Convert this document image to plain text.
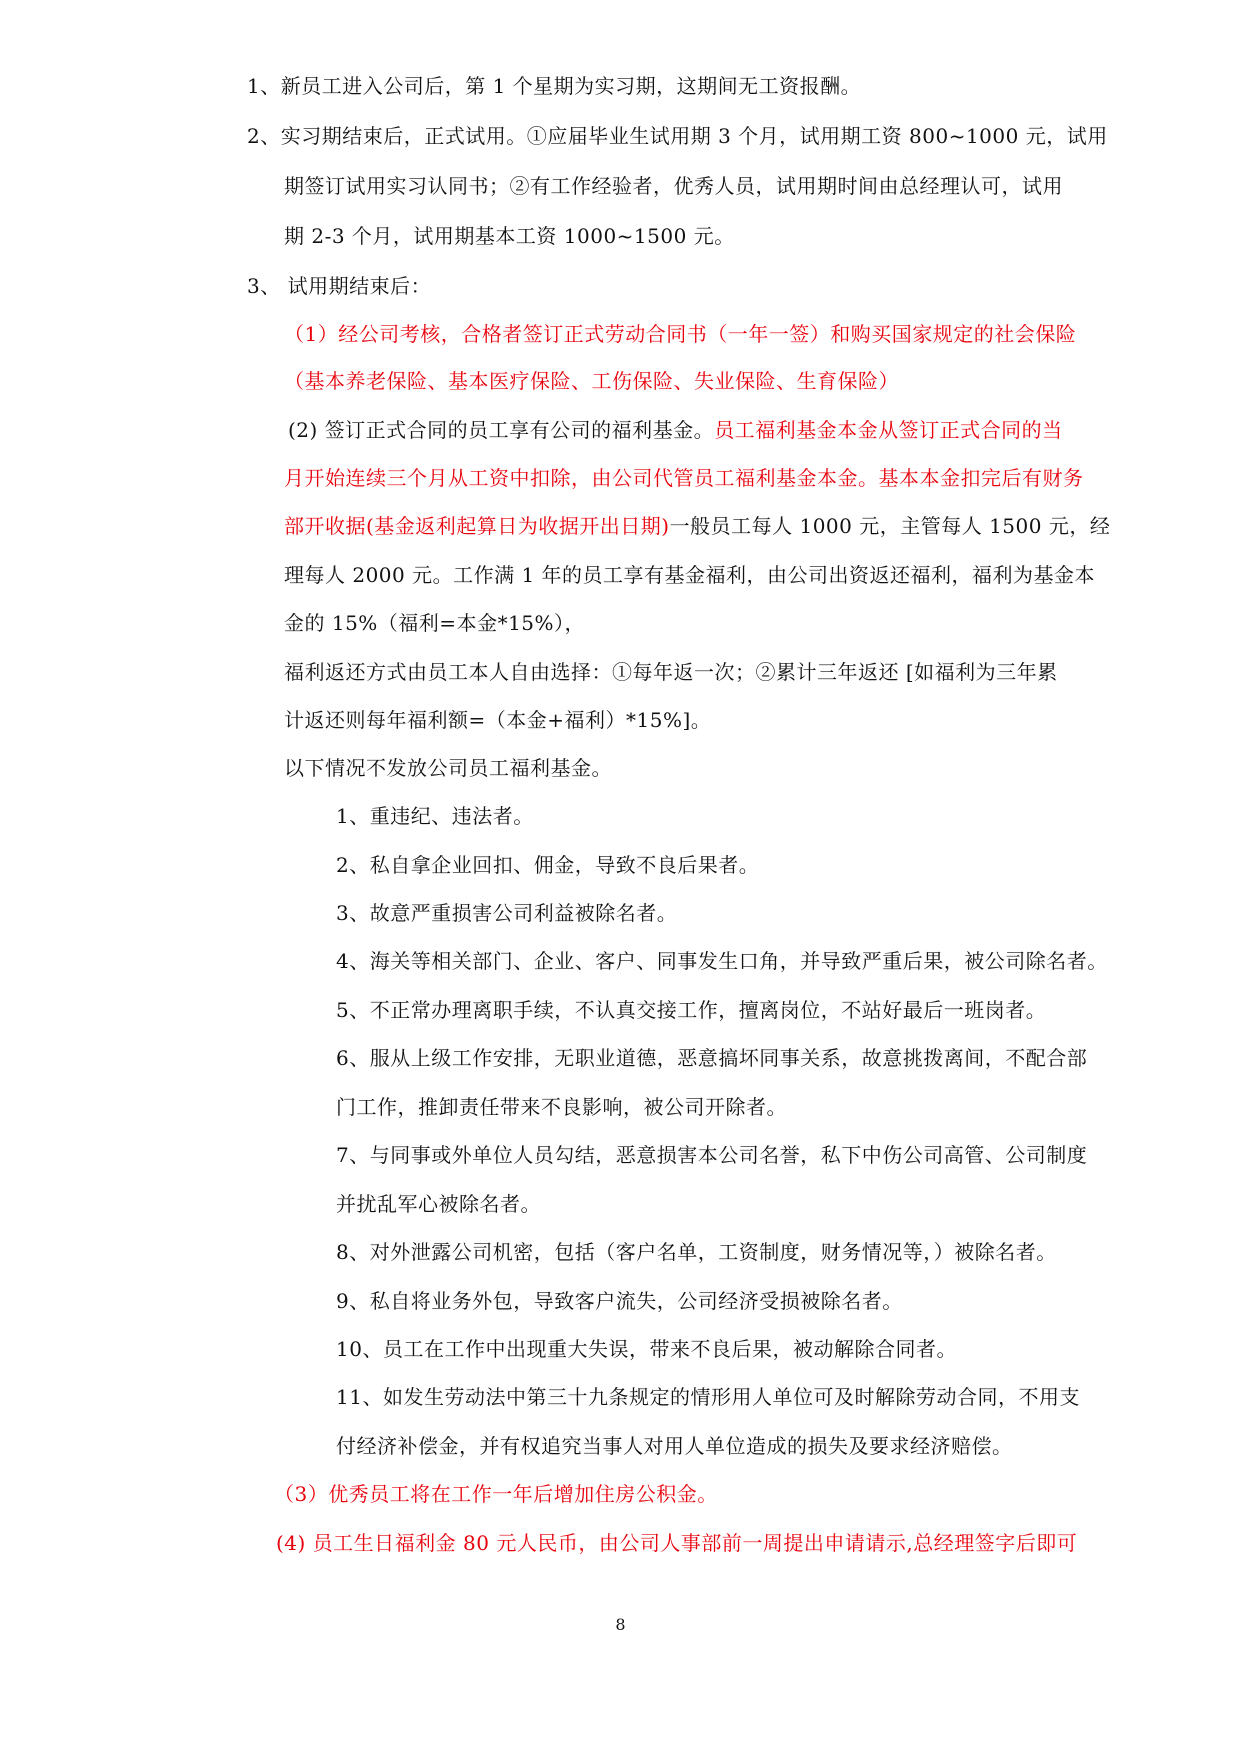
1、新员工进入公司后，第 1 个星期为实习期，这期间无工资报酬。
2、实习期结束后，正式试用。①应届毕业生试用期 3 个月，试用期工资 800~1000 元，试用
期签订试用实习认同书；②有工作经验者，优秀人员，试用期时间由总经理认可，试用
期 2-3 个月，试用期基本工资 1000~1500 元。
3、 试用期结束后：
（1）经公司考核，合格者签订正式劳动合同书（一年一签）和购买国家规定的社会保险
（基本养老保险、基本医疗保险、工伤保险、失业保险、生育保险）
(2) 签订正式合同的员工享有公司的福利基金。员工福利基金本金从签订正式合同的当
月开始连续三个月从工资中扣除，由公司代管员工福利基金本金。基本本金扣完后有财务
部开收据(基金返利起算日为收据开出日期)一般员工每人 1000 元，主管每人 1500 元，经
理每人 2000 元。工作满 1 年的员工享有基金福利，由公司出资返还福利，福利为基金本
金的 15%（福利=本金*15%），
福利返还方式由员工本人自由选择：①每年返一次；②累计三年返还 [如福利为三年累
计返还则每年福利额=（本金+福利）*15%]。
以下情况不发放公司员工福利基金。
1、重违纪、违法者。
2、私自拿企业回扣、佣金，导致不良后果者。
3、故意严重损害公司利益被除名者。
4、海关等相关部门、企业、客户、同事发生口角，并导致严重后果，被公司除名者。
5、不正常办理离职手续，不认真交接工作，擅离岗位，不站好最后一班岗者。
6、服从上级工作安排，无职业道德，恶意搞坏同事关系，故意挑拨离间，不配合部
门工作，推卸责任带来不良影响，被公司开除者。
7、与同事或外单位人员勾结，恶意损害本公司名誉，私下中伤公司高管、公司制度
并扰乱军心被除名者。
8、对外泄露公司机密，包括（客户名单，工资制度，财务情况等，）被除名者。
9、私自将业务外包，导致客户流失，公司经济受损被除名者。
10、员工在工作中出现重大失误，带来不良后果，被动解除合同者。
11、如发生劳动法中第三十九条规定的情形用人单位可及时解除劳动合同，不用支
付经济补偿金，并有权追究当事人对用人单位造成的损失及要求经济赔偿。
（3）优秀员工将在工作一年后增加住房公积金。
(4) 员工生日福利金 80 元人民币，由公司人事部前一周提出申请请示,总经理签字后即可
8
